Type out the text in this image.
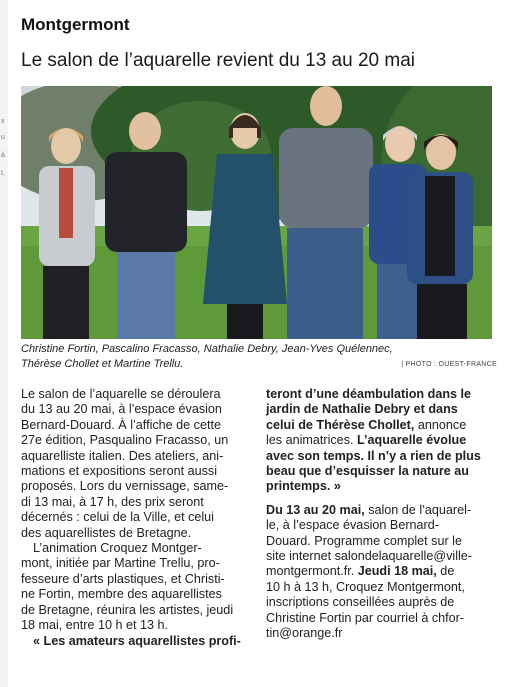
x
u
à
L
Montgermont
Le salon de l’aquarelle revient du 13 au 20 mai
Christine Fortin, Pascalino Fracasso, Nathalie Debry, Jean-Yves Quélennec,
Thérèse Chollet et Martine Trellu.	| PHOTO : OUEST-FRANCE

Le salon de l’aquarelle se déroulera
du 13 au 20 mai, à l’espace évasion
Bernard-Douard. À l’affiche de cette
27e édition, Pasqualino Fracasso, un
aquarelliste italien. Des ateliers, ani-
mations et expositions seront aussi
proposés. Lors du vernissage, same-
di 13 mai, à 17 h, des prix seront
décernés : celui de la Ville, et celui
des aquarellistes de Bretagne.

L’animation Croquez Montger-
mont, initiée par Martine Trellu, pro-
fesseure d’arts plastiques, et Christi-
ne Fortin, membre des aquarellistes
de Bretagne, réunira les artistes, jeudi
18 mai, entre 10 h et 13 h.

« Les amateurs aquarellistes profi-

teront d’une déambulation dans le
jardin de Nathalie Debry et dans
celui de Thérèse Chollet, annonce
les animatrices. L’aquarelle évolue
avec son temps. Il n’y a rien de plus
beau que d’esquisser la nature au
printemps. »

Du 13 au 20 mai, salon de l’aquarel-
le, à l’espace évasion Bernard-
Douard. Programme complet sur le
site internet salondelaquarelle@ville-
montgermont.fr. Jeudi 18 mai, de
10 h à 13 h, Croquez Montgermont,
inscriptions conseillées auprès de
Christine Fortin par courriel à chfor-
tin@orange.fr
